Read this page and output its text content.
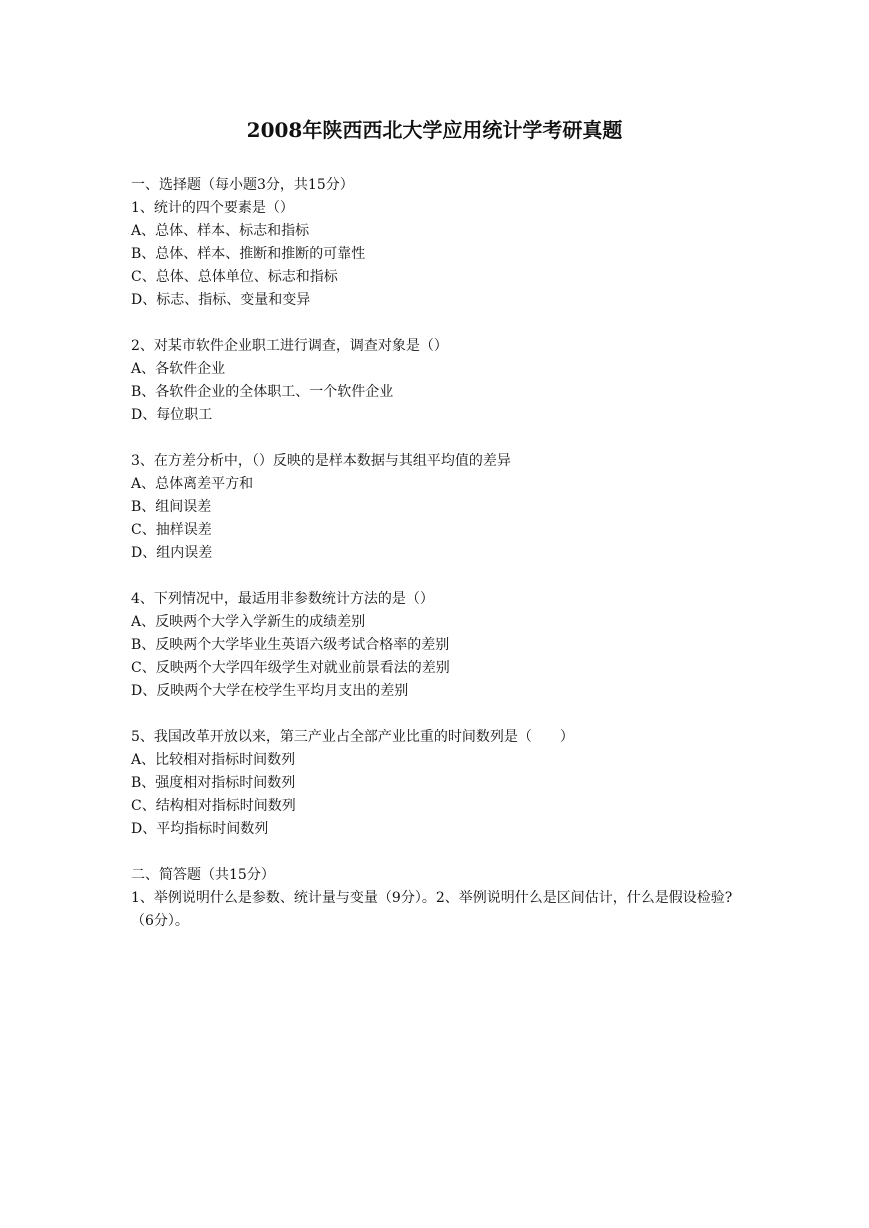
2008年陕西西北大学应用统计学考研真题
一、选择题（每小题3分，共15分）
1、统计的四个要素是（）
A、总体、样本、标志和指标
B、总体、样本、推断和推断的可靠性
C、总体、总体单位、标志和指标
D、标志、指标、变量和变异
2、对某市软件企业职工进行调查，调查对象是（）
A、各软件企业
B、各软件企业的全体职工、一个软件企业
D、每位职工
3、在方差分析中，（）反映的是样本数据与其组平均值的差异
A、总体离差平方和
B、组间误差
C、抽样误差
D、组内误差
4、下列情况中，最适用非参数统计方法的是（）
A、反映两个大学入学新生的成绩差别
B、反映两个大学毕业生英语六级考试合格率的差别
C、反映两个大学四年级学生对就业前景看法的差别
D、反映两个大学在校学生平均月支出的差别
5、我国改革开放以来，第三产业占全部产业比重的时间数列是（　　）
A、比较相对指标时间数列
B、强度相对指标时间数列
C、结构相对指标时间数列
D、平均指标时间数列
二、简答题（共15分）
1、举例说明什么是参数、统计量与变量（9分）。2、举例说明什么是区间估计，什么是假设检验?（6分）。
